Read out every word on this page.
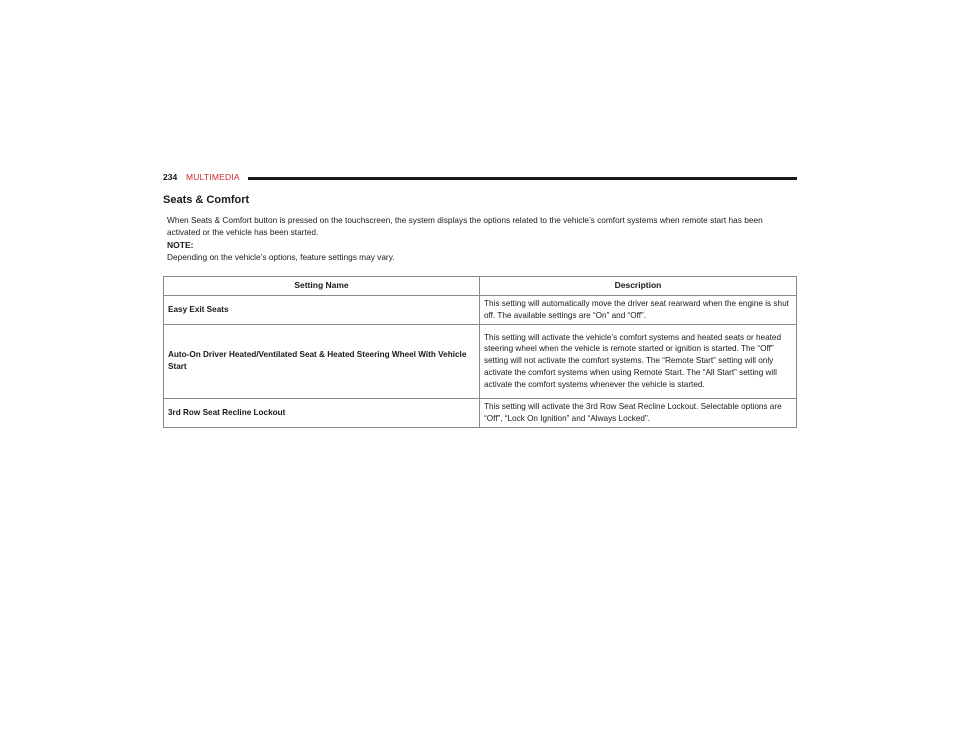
234 MULTIMEDIA
Seats & Comfort

When Seats & Comfort button is pressed on the touchscreen, the system displays the options related to the vehicle’s comfort systems when remote start has been activated or the vehicle has been started.

NOTE:
Depending on the vehicle’s options, feature settings may vary.
Setting Name	Description
Easy Exit Seats	This setting will automatically move the driver seat rearward when the engine is shut off. The available settings are “On” and “Off”.
Auto-On Driver Heated/Ventilated Seat & Heated Steering Wheel With Vehicle Start	This setting will activate the vehicle’s comfort systems and heated seats or heated steering wheel when the vehicle is remote started or ignition is started. The “Off” setting will not activate the comfort systems. The “Remote Start” setting will only activate the comfort systems when using Remote Start. The “All Start” setting will activate the comfort systems whenever the vehicle is started.
3rd Row Seat Recline Lockout	This setting will activate the 3rd Row Seat Recline Lockout. Selectable options are “Off”, “Lock On Ignition” and “Always Locked”.
